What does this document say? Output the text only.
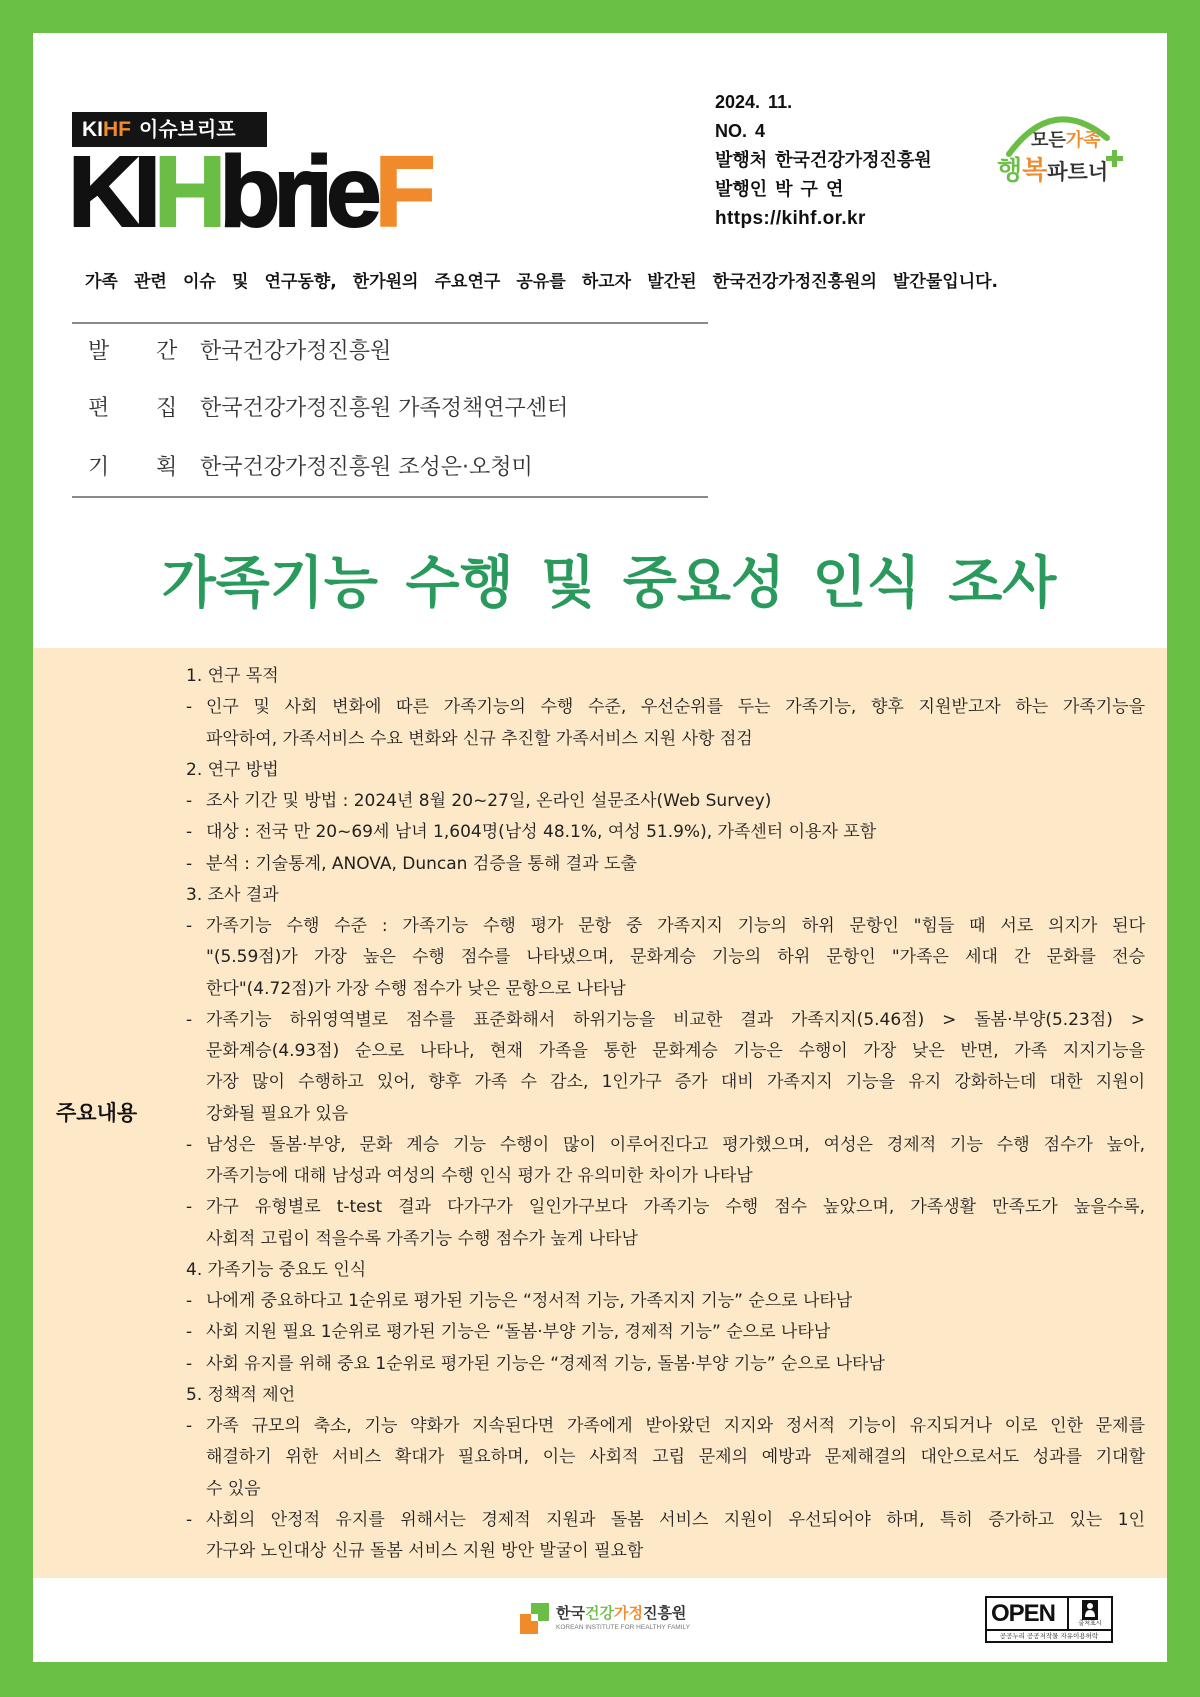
KIHF 이슈브리프
KIHbrieF
2024. 11.
NO. 4
발행처 한국건강가정진흥원
발행인 박 구 연
https://kihf.or.kr
모든가족
행복파트너
가족 관련 이슈 및 연구동향, 한가원의 주요연구 공유를 하고자 발간된 한국건강가정진흥원의 발간물입니다.
발 간 한국건강가정진흥원
편 집 한국건강가정진흥원 가족정책연구센터
기 획 한국건강가정진흥원 조성은·오청미
가족기능 수행 및 중요성 인식 조사
주요내용
1. 연구 목적
- 인구 및 사회 변화에 따른 가족기능의 수행 수준, 우선순위를 두는 가족기능, 향후 지원받고자 하는 가족기능을
파악하여, 가족서비스 수요 변화와 신규 추진할 가족서비스 지원 사항 점검
2. 연구 방법
- 조사 기간 및 방법 : 2024년 8월 20~27일, 온라인 설문조사(Web Survey)
- 대상 : 전국 만 20~69세 남녀 1,604명(남성 48.1%, 여성 51.9%), 가족센터 이용자 포함
- 분석 : 기술통계, ANOVA, Duncan 검증을 통해 결과 도출
3. 조사 결과
- 가족기능 수행 수준 : 가족기능 수행 평가 문항 중 가족지지 기능의 하위 문항인 "힘들 때 서로 의지가 된다
"(5.59점)가 가장 높은 수행 점수를 나타냈으며, 문화계승 기능의 하위 문항인 "가족은 세대 간 문화를 전승
한다"(4.72점)가 가장 수행 점수가 낮은 문항으로 나타남
- 가족기능 하위영역별로 점수를 표준화해서 하위기능을 비교한 결과 가족지지(5.46점) > 돌봄·부양(5.23점) >
문화계승(4.93점) 순으로 나타나, 현재 가족을 통한 문화계승 기능은 수행이 가장 낮은 반면, 가족 지지기능을
가장 많이 수행하고 있어, 향후 가족 수 감소, 1인가구 증가 대비 가족지지 기능을 유지 강화하는데 대한 지원이
강화될 필요가 있음
- 남성은 돌봄·부양, 문화 계승 기능 수행이 많이 이루어진다고 평가했으며, 여성은 경제적 기능 수행 점수가 높아,
가족기능에 대해 남성과 여성의 수행 인식 평가 간 유의미한 차이가 나타남
- 가구 유형별로 t-test 결과 다가구가 일인가구보다 가족기능 수행 점수 높았으며, 가족생활 만족도가 높을수록,
사회적 고립이 적을수록 가족기능 수행 점수가 높게 나타남
4. 가족기능 중요도 인식
- 나에게 중요하다고 1순위로 평가된 기능은 “정서적 기능, 가족지지 기능” 순으로 나타남
- 사회 지원 필요 1순위로 평가된 기능은 “돌봄·부양 기능, 경제적 기능” 순으로 나타남
- 사회 유지를 위해 중요 1순위로 평가된 기능은 “경제적 기능, 돌봄·부양 기능” 순으로 나타남
5. 정책적 제언
- 가족 규모의 축소, 기능 약화가 지속된다면 가족에게 받아왔던 지지와 정서적 기능이 유지되거나 이로 인한 문제를
해결하기 위한 서비스 확대가 필요하며, 이는 사회적 고립 문제의 예방과 문제해결의 대안으로서도 성과를 기대할
수 있음
- 사회의 안정적 유지를 위해서는 경제적 지원과 돌봄 서비스 지원이 우선되어야 하며, 특히 증가하고 있는 1인
가구와 노인대상 신규 돌봄 서비스 지원 방안 발굴이 필요함
한국건강가정진흥원
KOREAN INSTITUTE FOR HEALTHY FAMILY
OPEN	출처표시
공공누리 공공저작물 자유이용허락
